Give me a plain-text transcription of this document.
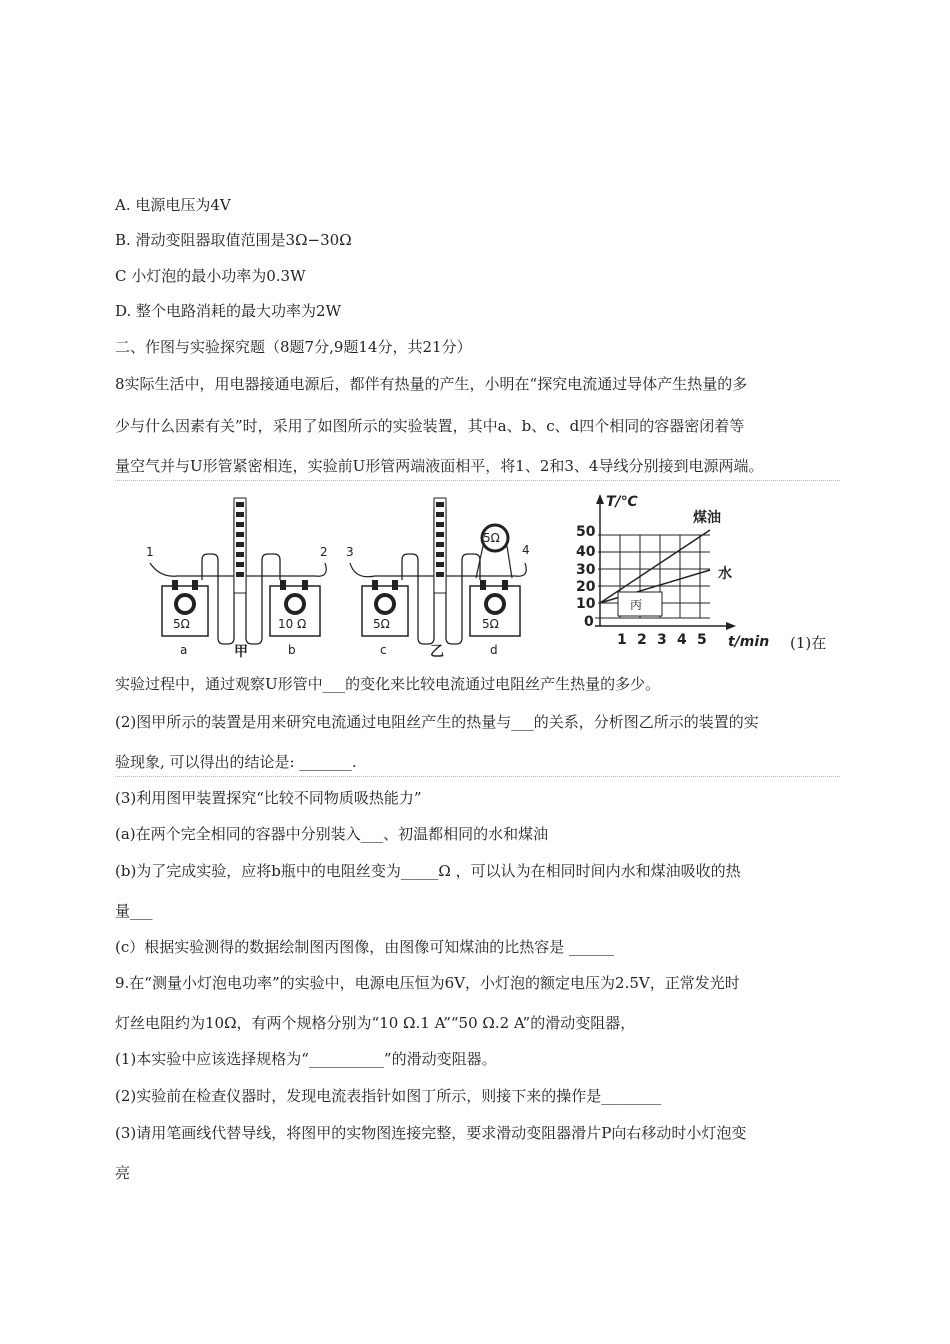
A. 电源电压为4V
B. 滑动变阻器取值范围是3Ω−30Ω
C 小灯泡的最小功率为0.3W
D. 整个电路消耗的最大功率为2W
二、作图与实验探究题（8题7分,9题14分，共21分）
8实际生活中，用电器接通电源后，都伴有热量的产生，小明在“探究电流通过导体产生热量的多
少与什么因素有关”时，采用了如图所示的实验装置，其中a、b、c、d四个相同的容器密闭着等
量空气并与U形管紧密相连，实验前U形管两端液面相平，将1、2和3、4导线分别接到电源两端。
1	2
5Ω	10 Ω
a	b
甲
3	4
5Ω
5Ω	5Ω
c	d
乙
丙
50
40
30
20
10
0
1 2 3 4 5
T/℃
t/min
煤油
水
(1)在
实验过程中，通过观察U形管中___的变化来比较电流通过电阻丝产生热量的多少。
(2)图甲所示的装置是用来研究电流通过电阻丝产生的热量与___的关系，分析图乙所示的装置的实
验现象, 可以得出的结论是: _______.
(3)利用图甲装置探究“比较不同物质吸热能力”
(a)在两个完全相同的容器中分别装入___、初温都相同的水和煤油
(b)为了完成实验，应将b瓶中的电阻丝变为_____Ω ，可以认为在相同时间内水和煤油吸收的热
量___
(c）根据实验测得的数据绘制图丙图像，由图像可知煤油的比热容是 ______
9.在“测量小灯泡电功率”的实验中，电源电压恒为6V，小灯泡的额定电压为2.5V，正常发光时
灯丝电阻约为10Ω，有两个规格分别为“10 Ω.1 A”“50 Ω.2 A”的滑动变阻器，
(1)本实验中应该选择规格为“__________”的滑动变阻器。
(2)实验前在检查仪器时，发现电流表指针如图丁所示，则接下来的操作是________
(3)请用笔画线代替导线，将图甲的实物图连接完整，要求滑动变阻器滑片P向右移动时小灯泡变
亮
